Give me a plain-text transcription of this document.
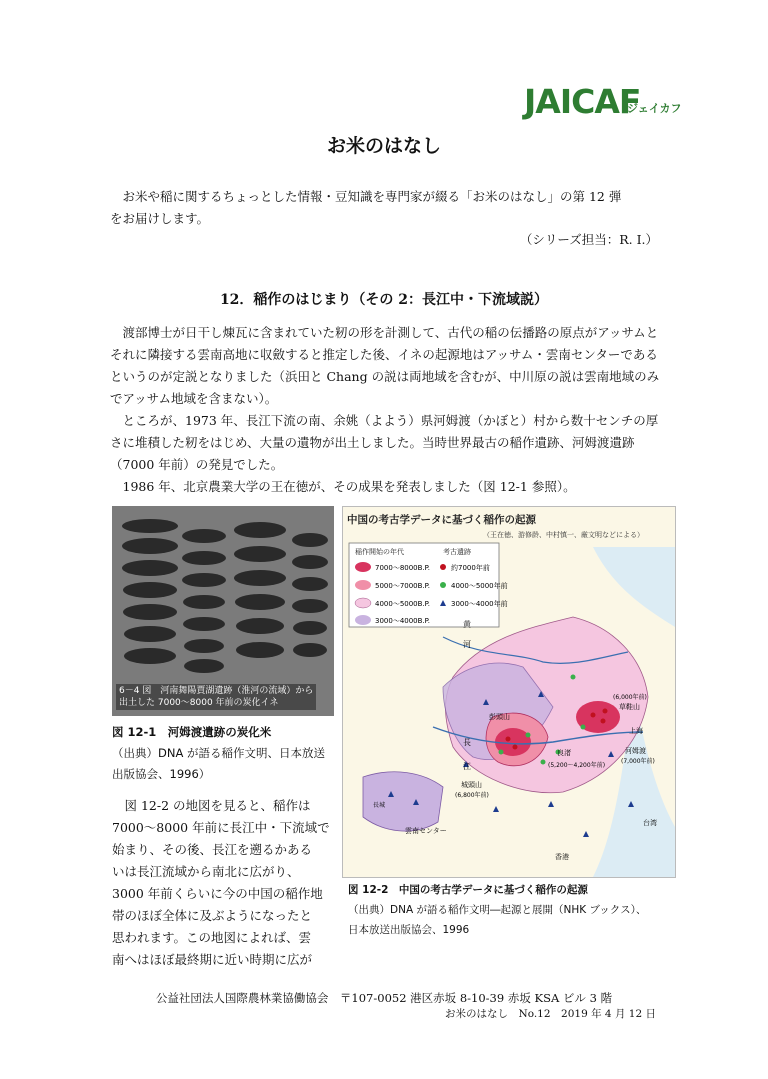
JAICAF
ジェイカフ
お米のはなし
お米や稲に関するちょっとした情報・豆知識を専門家が綴る「お米のはなし」の第 12 弾
をお届けします。
（シリーズ担当：R. I.）
12．稲作のはじまり（その 2：長江中・下流域説）

渡部博士が日干し煉瓦に含まれていた籾の形を計測して、古代の稲の伝播路の原点がアッサムとそれに隣接する雲南高地に収斂すると推定した後、イネの起源地はアッサム・雲南センターであるというのが定説となりました（浜田と Chang の説は両地域を含むが、中川原の説は雲南地域のみでアッサム地域を含まない）。

ところが、1973 年、長江下流の南、余姚（よよう）県河姆渡（かぼと）村から数十センチの厚さに堆積した籾をはじめ、大量の遺物が出土しました。当時世界最古の稲作遺跡、河姆渡遺跡（7000 年前）の発見でした。

1986 年、北京農業大学の王在徳が、その成果を発表しました（図 12-1 参照）。

6－4 図　河南舞陽賈湖遺跡（淮河の流域）から
出土した 7000～8000 年前の炭化イネ
図 12-1　河姆渡遺跡の炭化米
（出典）DNA が語る稲作文明、日本放送
出版協会、1996）

図 12-2 の地図を見ると、稲作は

7000～8000 年前に長江中・下流域で

始まり、その後、長江を遡るかある

いは長江流域から南北に広がり、

3000 年前くらいに今の中国の稲作地

帯のほぼ全体に及ぶようになったと

思われます。この地図によれば、雲

南へはほぼ最終期に近い時期に広が

中国の考古学データに基づく稲作の起源
（王在徳、游修龄、中村慎一、厳文明などによる）
稲作開始の年代	考古遺跡
7000～8000B.P.
5000～7000B.P.
4000～5000B.P.
3000～4000B.P.
約7000年前
4000～5000年前
3000～4000年前
黄
河
長
江
彭頭山
良渚
(5,200～4,200年前)
河姆渡
(7,000年前)
上海
草鞋山
(6,000年前)
城頭山
(6,800年前)
雲南センター
台湾
香港
長城
図 12-2　中国の考古学データに基づく稲作の起源
（出典）DNA が語る稲作文明―起源と展開（NHK ブックス）、
日本放送出版協会、1996
公益社団法人国際農林業協働協会　〒107-0052 港区赤坂 8-10-39 赤坂 KSA ビル 3 階
お米のはなし　No.12　2019 年 4 月 12 日
